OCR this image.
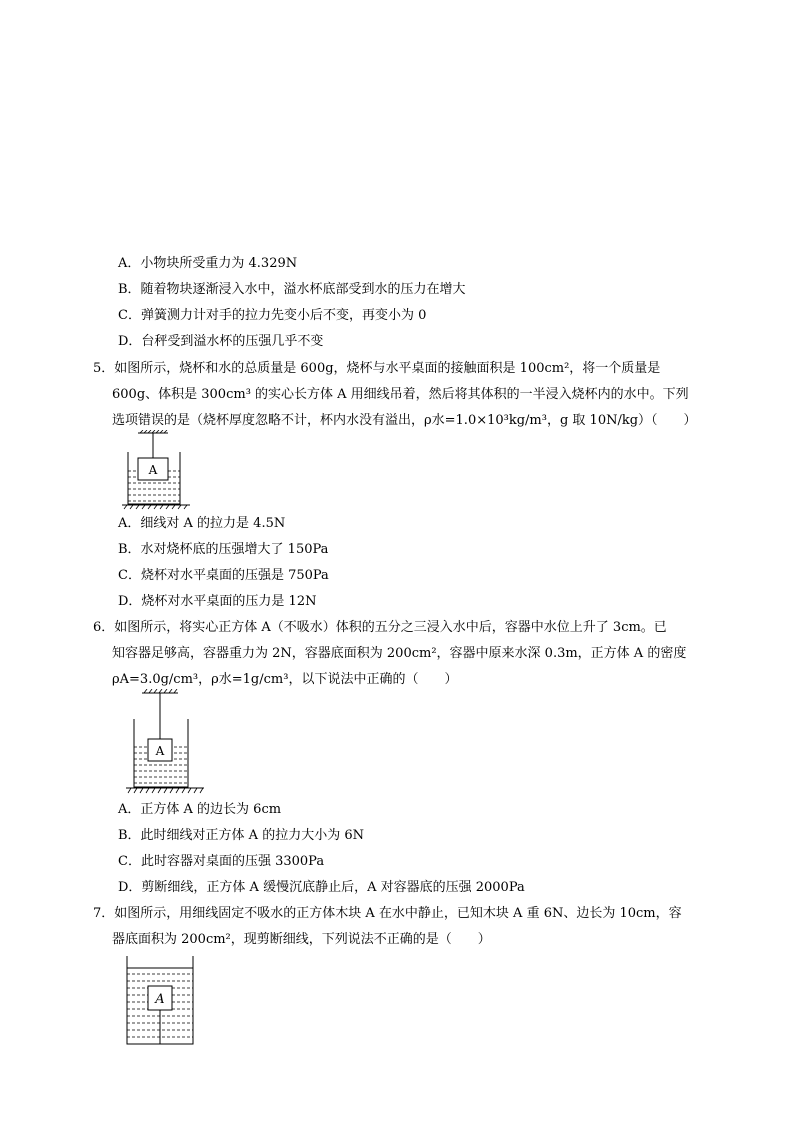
A．小物块所受重力为 4.329N
B．随着物块逐渐浸入水中，溢水杯底部受到水的压力在增大
C．弹簧测力计对手的拉力先变小后不变，再变小为 0
D．台秤受到溢水杯的压强几乎不变
5．如图所示，烧杯和水的总质量是 600g，烧杯与水平桌面的接触面积是 100cm²，将一个质量是
600g、体积是 300cm³ 的实心长方体 A 用细线吊着，然后将其体积的一半浸入烧杯内的水中。下列
选项错误的是（烧杯厚度忽略不计，杯内水没有溢出，ρ水=1.0×10³kg/m³，g 取 10N/kg）（　　）
A
A．细线对 A 的拉力是 4.5N
B．水对烧杯底的压强增大了 150Pa
C．烧杯对水平桌面的压强是 750Pa
D．烧杯对水平桌面的压力是 12N
6．如图所示，将实心正方体 A（不吸水）体积的五分之三浸入水中后，容器中水位上升了 3cm。已
知容器足够高，容器重力为 2N，容器底面积为 200cm²，容器中原来水深 0.3m，正方体 A 的密度
ρA=3.0g/cm³，ρ水=1g/cm³，以下说法中正确的（　　）
A
A．正方体 A 的边长为 6cm
B．此时细线对正方体 A 的拉力大小为 6N
C．此时容器对桌面的压强 3300Pa
D．剪断细线，正方体 A 缓慢沉底静止后，A 对容器底的压强 2000Pa
7．如图所示，用细线固定不吸水的正方体木块 A 在水中静止，已知木块 A 重 6N、边长为 10cm，容
器底面积为 200cm²，现剪断细线，下列说法不正确的是（　　）
A
